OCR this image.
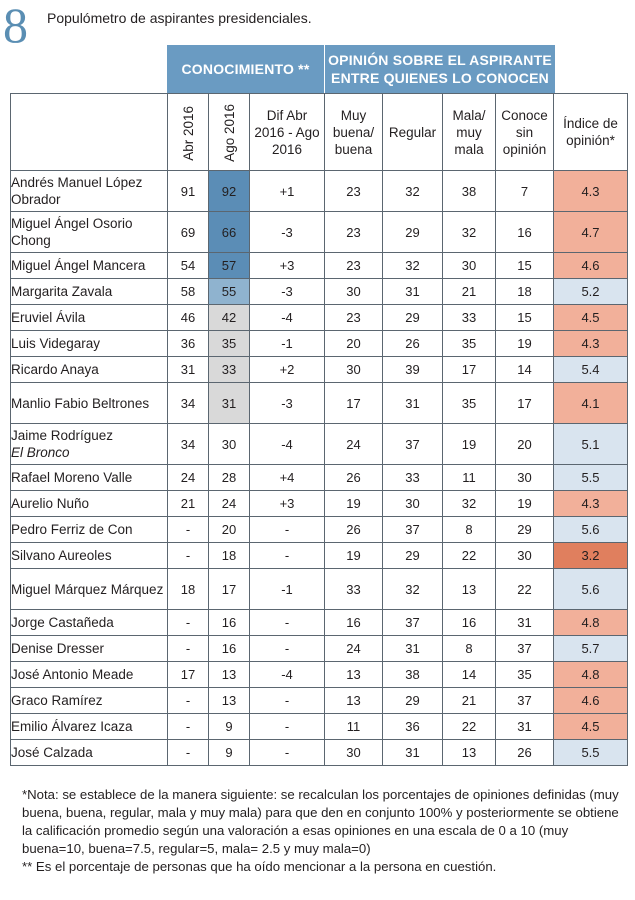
8 Populómetro de aspirantes presidenciales.
CONOCIMIENTO **
OPINIÓN SOBRE EL ASPIRANTE ENTRE QUIENES LO CONOCEN
	Abr 2016	Ago 2016	Dif Abr 2016 - Ago 2016	Muy buena/ buena	Regular	Mala/ muy mala	Conoce sin opinión	Índice de opinión*
Andrés Manuel López Obrador	91	92	+1	23	32	38	7	4.3
Miguel Ángel Osorio Chong	69	66	-3	23	29	32	16	4.7
Miguel Ángel Mancera	54	57	+3	23	32	30	15	4.6
Margarita Zavala	58	55	-3	30	31	21	18	5.2
Eruviel Ávila	46	42	-4	23	29	33	15	4.5
Luis Videgaray	36	35	-1	20	26	35	19	4.3
Ricardo Anaya	31	33	+2	30	39	17	14	5.4
Manlio Fabio Beltrones	34	31	-3	17	31	35	17	4.1
Jaime Rodríguez
El Bronco	34	30	-4	24	37	19	20	5.1
Rafael Moreno Valle	24	28	+4	26	33	11	30	5.5
Aurelio Nuño	21	24	+3	19	30	32	19	4.3
Pedro Ferriz de Con	-	20	-	26	37	8	29	5.6
Silvano Aureoles	-	18	-	19	29	22	30	3.2
Miguel Márquez Márquez	18	17	-1	33	32	13	22	5.6
Jorge Castañeda	-	16	-	16	37	16	31	4.8
Denise Dresser	-	16	-	24	31	8	37	5.7
José Antonio Meade	17	13	-4	13	38	14	35	4.8
Graco Ramírez	-	13	-	13	29	21	37	4.6
Emilio Álvarez Icaza	-	9	-	11	36	22	31	4.5
José Calzada	-	9	-	30	31	13	26	5.5

*Nota: se establece de la manera siguiente: se recalculan los porcentajes de opiniones definidas (muy buena, buena, regular, mala y muy mala) para que den en conjunto 100% y posteriormente se obtiene la calificación promedio según una valoración a esas opiniones en una escala de 0 a 10 (muy buena=10, buena=7.5, regular=5, mala= 2.5 y muy mala=0)

** Es el porcentaje de personas que ha oído mencionar a la persona en cuestión.
